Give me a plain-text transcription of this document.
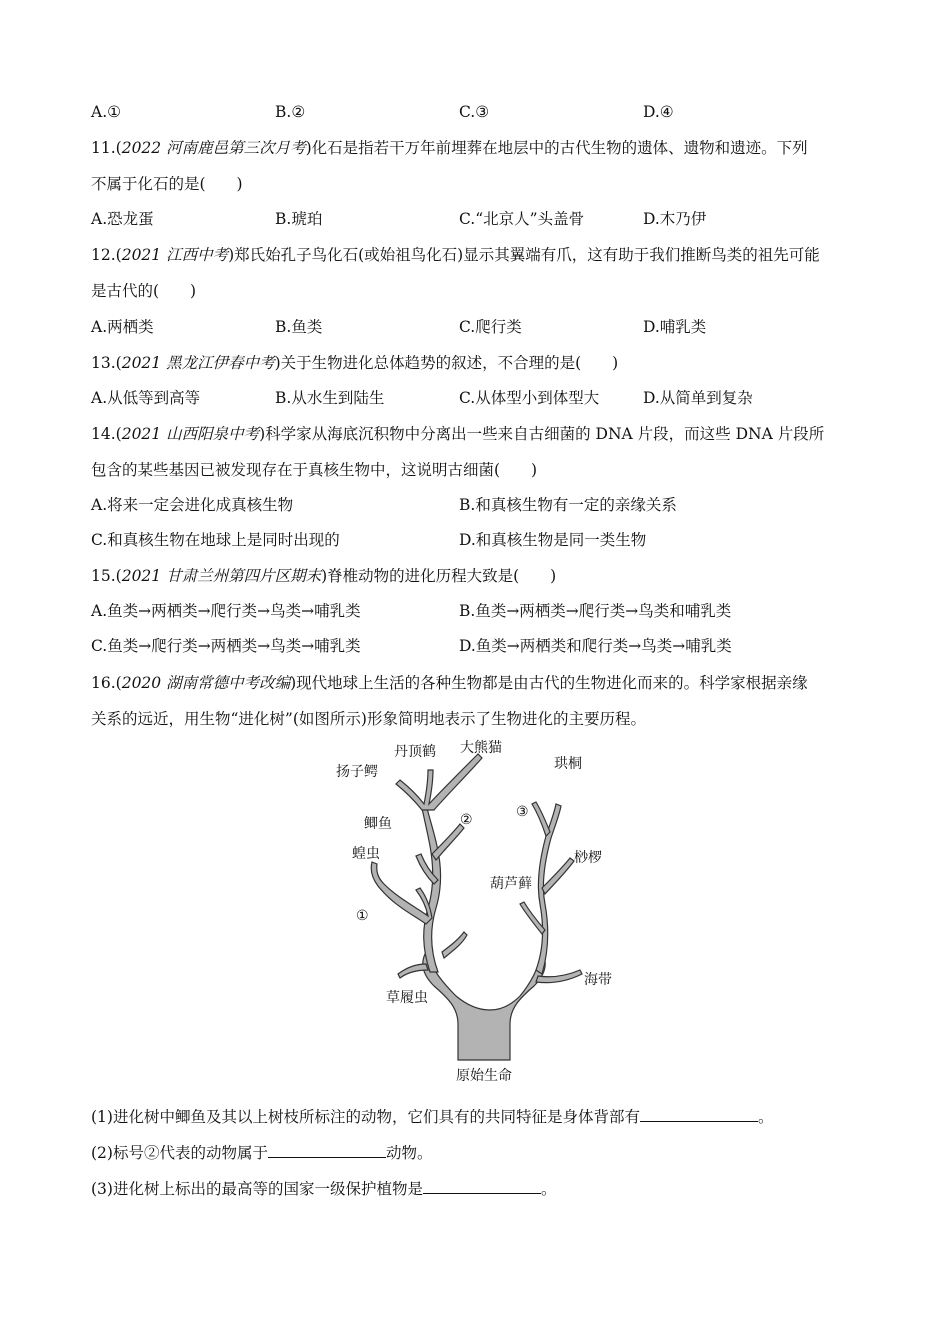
A.①	B.②	C.③	D.④
11.(2022 河南鹿邑第三次月考)化石是指若干万年前埋葬在地层中的古代生物的遗体、遗物和遗迹。下列
不属于化石的是(　　)
A.恐龙蛋	B.琥珀	C.“北京人”头盖骨	D.木乃伊
12.(2021 江西中考)郑氏始孔子鸟化石(或始祖鸟化石)显示其翼端有爪，这有助于我们推断鸟类的祖先可能
是古代的(　　)
A.两栖类	B.鱼类	C.爬行类	D.哺乳类
13.(2021 黑龙江伊春中考)关于生物进化总体趋势的叙述，不合理的是(　　)
A.从低等到高等	B.从水生到陆生	C.从体型小到体型大	D.从简单到复杂
14.(2021 山西阳泉中考)科学家从海底沉积物中分离出一些来自古细菌的 DNA 片段，而这些 DNA 片段所
包含的某些基因已被发现存在于真核生物中，这说明古细菌(　　)
A.将来一定会进化成真核生物	B.和真核生物有一定的亲缘关系
C.和真核生物在地球上是同时出现的	D.和真核生物是同一类生物
15.(2021 甘肃兰州第四片区期末)脊椎动物的进化历程大致是(　　)
A.鱼类→两栖类→爬行类→鸟类→哺乳类	B.鱼类→两栖类→爬行类→鸟类和哺乳类
C.鱼类→爬行类→两栖类→鸟类→哺乳类	D.鱼类→两栖类和爬行类→鸟类→哺乳类
16.(2020 湖南常德中考改编)现代地球上生活的各种生物都是由古代的生物进化而来的。科学家根据亲缘
关系的远近，用生物“进化树”(如图所示)形象简明地表示了生物进化的主要历程。
扬子鳄
丹顶鹤 大熊猫
珙桐
鲫鱼	②	③
蝗虫	桫椤
葫芦藓
①
海带
草履虫
原始生命
(1)进化树中鲫鱼及其以上树枝所标注的动物，它们具有的共同特征是身体背部有	。
(2)标号②代表的动物属于	动物。
(3)进化树上标出的最高等的国家一级保护植物是	。
